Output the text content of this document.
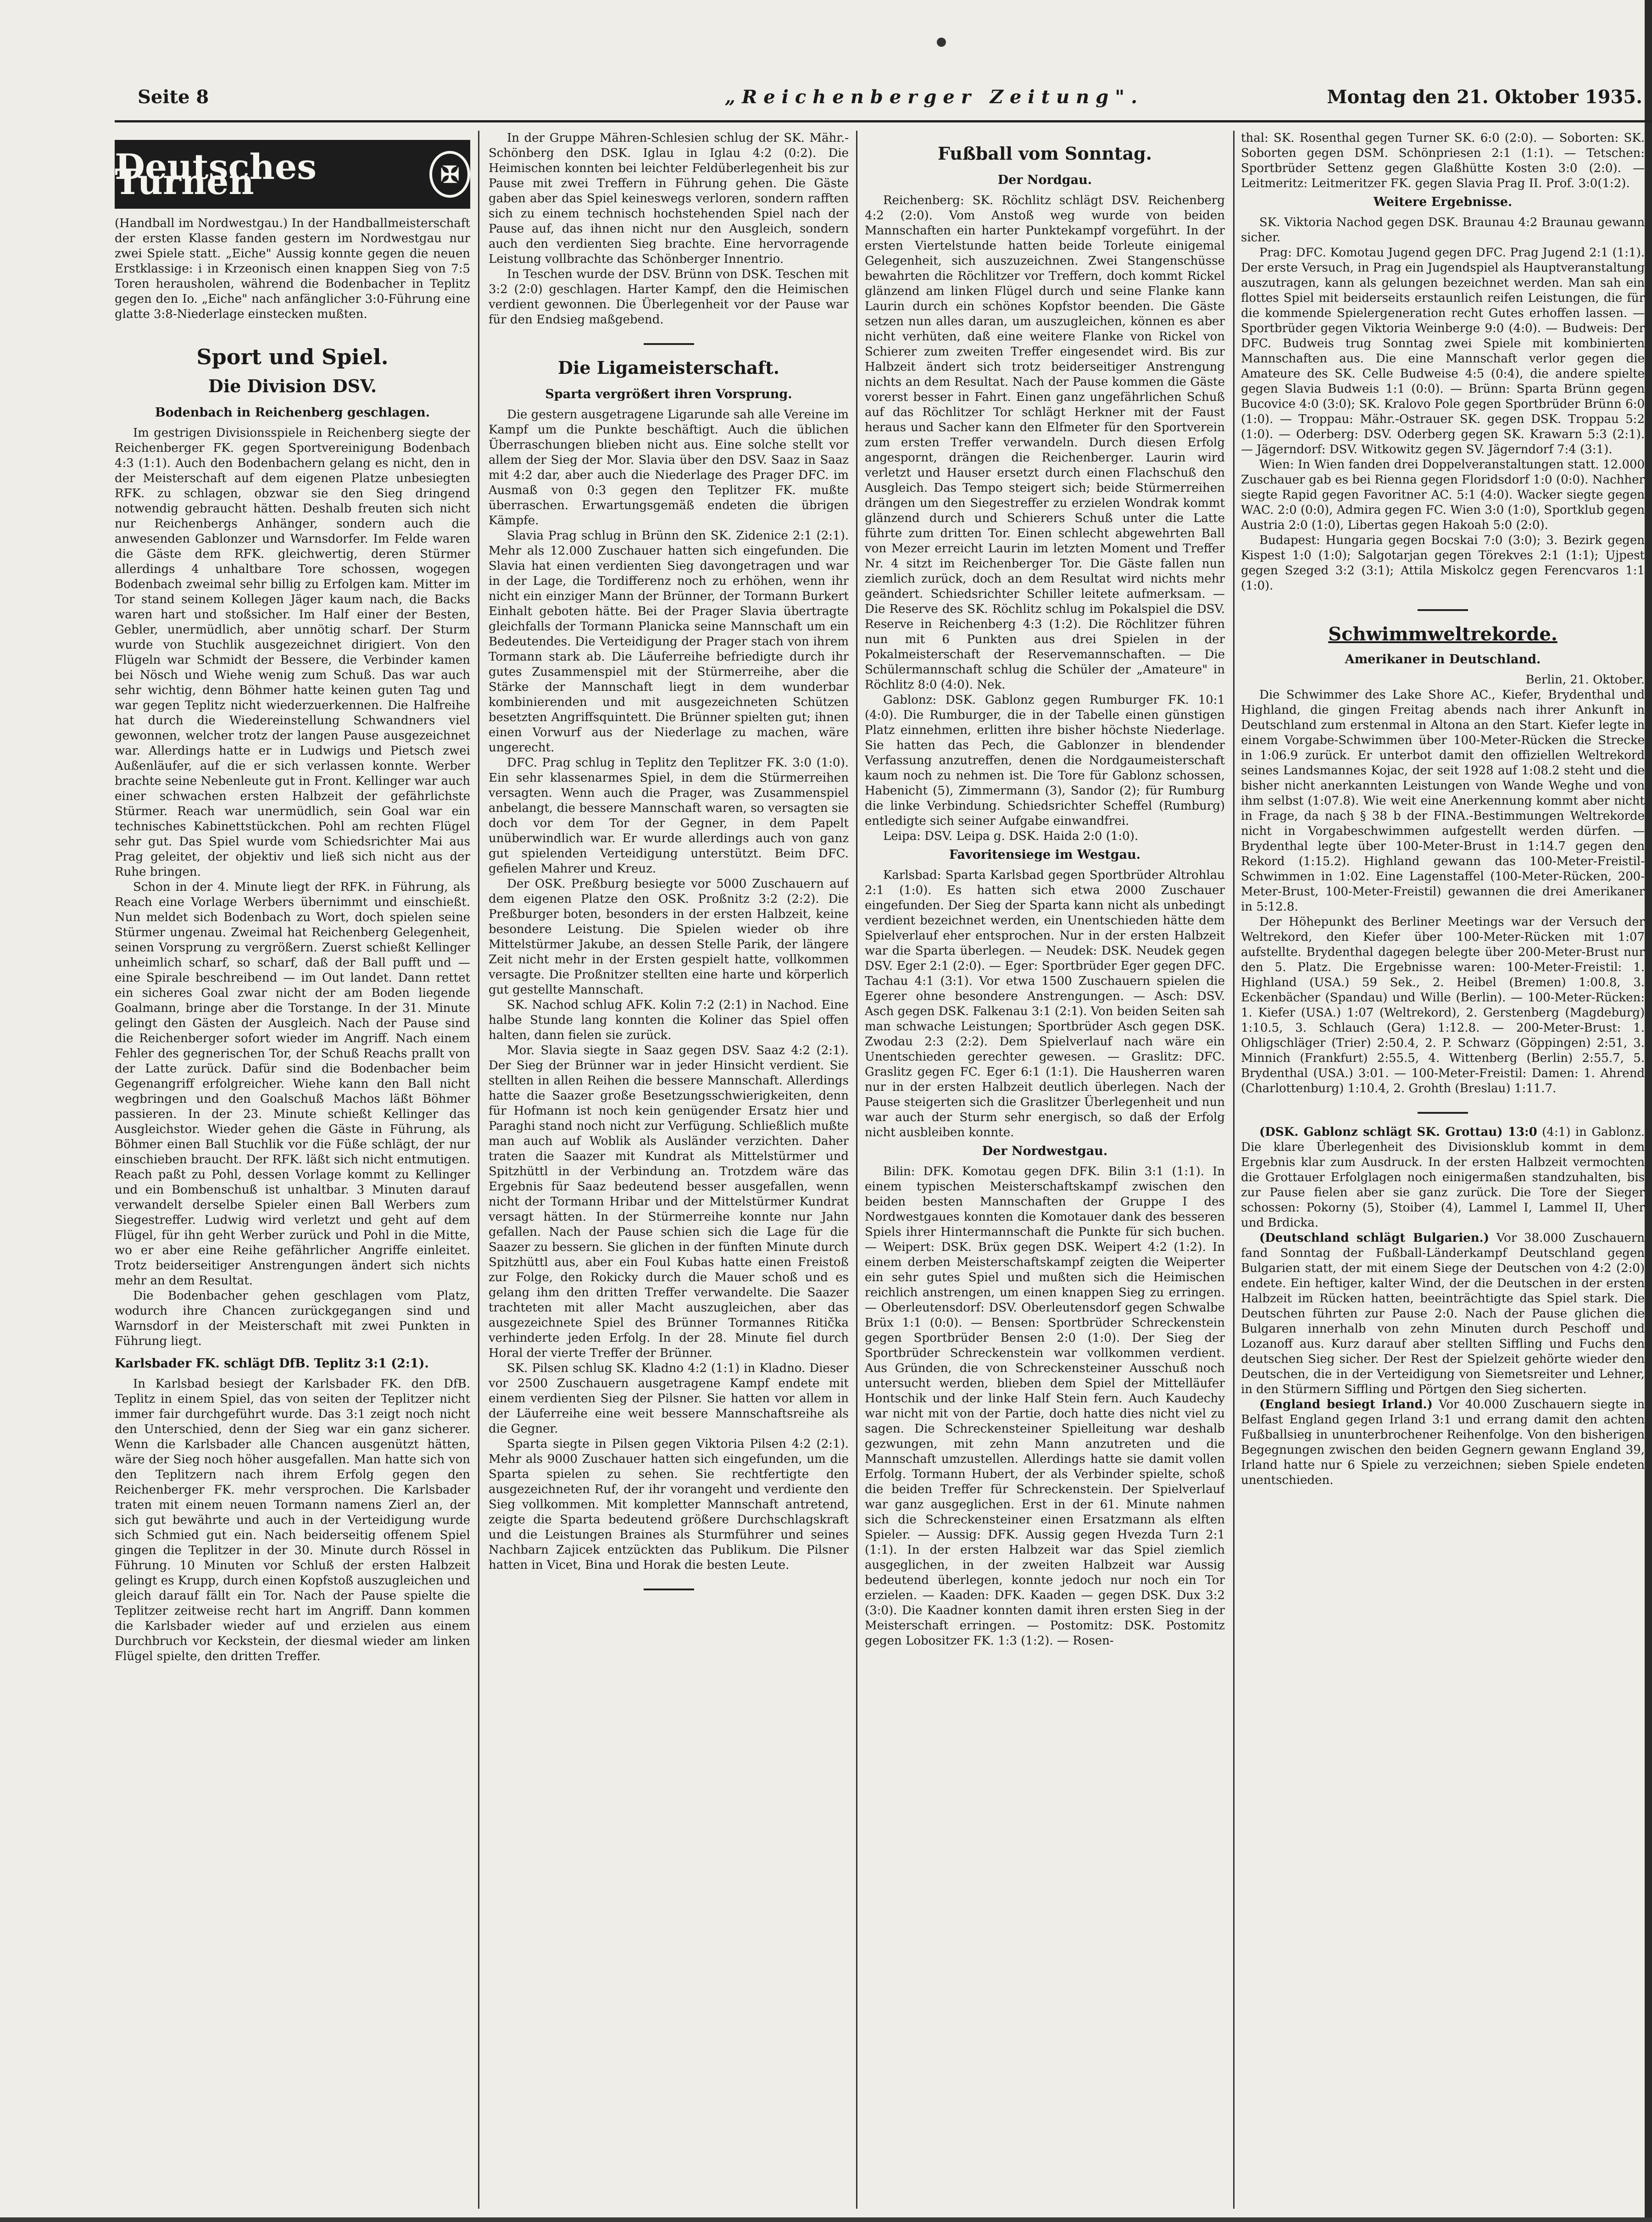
Seite 8	„Reichenberger Zeitung".	Montag den 21. Oktober 1935.
Deutsches Turnen	✠

(Handball im Nordwestgau.) In der Handballmeisterschaft der ersten Klasse fanden gestern im Nordwestgau nur zwei Spiele statt. „Eiche" Aussig konnte gegen die neuen Erstklassige: i in Krzeonisch einen knappen Sieg von 7:5 Toren herausholen, während die Bodenbacher in Teplitz gegen den Io. „Eiche" nach anfänglicher 3:0-Führung eine glatte 3:8-Niederlage einstecken mußten.

Sport und Spiel.
Die Division DSV.
Bodenbach in Reichenberg geschlagen.

Im gestrigen Divisionsspiele in Reichenberg siegte der Reichenberger FK. gegen Sportvereinigung Bodenbach 4:3 (1:1). Auch den Bodenbachern gelang es nicht, den in der Meisterschaft auf dem eigenen Platze unbesiegten RFK. zu schlagen, obzwar sie den Sieg dringend notwendig gebraucht hätten. Deshalb freuten sich nicht nur Reichenbergs Anhänger, sondern auch die anwesenden Gablonzer und Warnsdorfer. Im Felde waren die Gäste dem RFK. gleichwertig, deren Stürmer allerdings 4 unhaltbare Tore schossen, wogegen Bodenbach zweimal sehr billig zu Erfolgen kam. Mitter im Tor stand seinem Kollegen Jäger kaum nach, die Backs waren hart und stoßsicher. Im Half einer der Besten, Gebler, unermüdlich, aber unnötig scharf. Der Sturm wurde von Stuchlik ausgezeichnet dirigiert. Von den Flügeln war Schmidt der Bessere, die Verbinder kamen bei Nösch und Wiehe wenig zum Schuß. Das war auch sehr wichtig, denn Böhmer hatte keinen guten Tag und war gegen Teplitz nicht wiederzuerkennen. Die Halfreihe hat durch die Wiedereinstellung Schwandners viel gewonnen, welcher trotz der langen Pause ausgezeichnet war. Allerdings hatte er in Ludwigs und Pietsch zwei Außenläufer, auf die er sich verlassen konnte. Werber brachte seine Nebenleute gut in Front. Kellinger war auch einer schwachen ersten Halbzeit der gefährlichste Stürmer. Reach war unermüdlich, sein Goal war ein technisches Kabinettstückchen. Pohl am rechten Flügel sehr gut. Das Spiel wurde vom Schiedsrichter Mai aus Prag geleitet, der objektiv und ließ sich nicht aus der Ruhe bringen.

Schon in der 4. Minute liegt der RFK. in Führung, als Reach eine Vorlage Werbers übernimmt und einschießt. Nun meldet sich Bodenbach zu Wort, doch spielen seine Stürmer ungenau. Zweimal hat Reichenberg Gelegenheit, seinen Vorsprung zu vergrößern. Zuerst schießt Kellinger unheimlich scharf, so scharf, daß der Ball pufft und — eine Spirale beschreibend — im Out landet. Dann rettet ein sicheres Goal zwar nicht der am Boden liegende Goalmann, bringe aber die Torstange. In der 31. Minute gelingt den Gästen der Ausgleich. Nach der Pause sind die Reichenberger sofort wieder im Angriff. Nach einem Fehler des gegnerischen Tor, der Schuß Reachs prallt von der Latte zurück. Dafür sind die Bodenbacher beim Gegenangriff erfolgreicher. Wiehe kann den Ball nicht wegbringen und den Goalschuß Machos läßt Böhmer passieren. In der 23. Minute schießt Kellinger das Ausgleichstor. Wieder gehen die Gäste in Führung, als Böhmer einen Ball Stuchlik vor die Füße schlägt, der nur einschieben braucht. Der RFK. läßt sich nicht entmutigen. Reach paßt zu Pohl, dessen Vorlage kommt zu Kellinger und ein Bombenschuß ist unhaltbar. 3 Minuten darauf verwandelt derselbe Spieler einen Ball Werbers zum Siegestreffer. Ludwig wird verletzt und geht auf dem Flügel, für ihn geht Werber zurück und Pohl in die Mitte, wo er aber eine Reihe gefährlicher Angriffe einleitet. Trotz beiderseitiger Anstrengungen ändert sich nichts mehr an dem Resultat.

Die Bodenbacher gehen geschlagen vom Platz, wodurch ihre Chancen zurückgegangen sind und Warnsdorf in der Meisterschaft mit zwei Punkten in Führung liegt.

Karlsbader FK. schlägt DfB. Teplitz 3:1 (2:1).

In Karlsbad besiegt der Karlsbader FK. den DfB. Teplitz in einem Spiel, das von seiten der Teplitzer nicht immer fair durchgeführt wurde. Das 3:1 zeigt noch nicht den Unterschied, denn der Sieg war ein ganz sicherer. Wenn die Karlsbader alle Chancen ausgenützt hätten, wäre der Sieg noch höher ausgefallen. Man hatte sich von den Teplitzern nach ihrem Erfolg gegen den Reichenberger FK. mehr versprochen. Die Karlsbader traten mit einem neuen Tormann namens Zierl an, der sich gut bewährte und auch in der Verteidigung wurde sich Schmied gut ein. Nach beiderseitig offenem Spiel gingen die Teplitzer in der 30. Minute durch Rössel in Führung. 10 Minuten vor Schluß der ersten Halbzeit gelingt es Krupp, durch einen Kopfstoß auszugleichen und gleich darauf fällt ein Tor. Nach der Pause spielte die Teplitzer zeitweise recht hart im Angriff. Dann kommen die Karlsbader wieder auf und erzielen aus einem Durchbruch vor Keckstein, der diesmal wieder am linken Flügel spielte, den dritten Treffer.

In der Gruppe Mähren-Schlesien schlug der SK. Mähr.-Schönberg den DSK. Iglau in Iglau 4:2 (0:2). Die Heimischen konnten bei leichter Feldüberlegenheit bis zur Pause mit zwei Treffern in Führung gehen. Die Gäste gaben aber das Spiel keineswegs verloren, sondern rafften sich zu einem technisch hochstehenden Spiel nach der Pause auf, das ihnen nicht nur den Ausgleich, sondern auch den verdienten Sieg brachte. Eine hervorragende Leistung vollbrachte das Schönberger Innentrio.

In Teschen wurde der DSV. Brünn von DSK. Teschen mit 3:2 (2:0) geschlagen. Harter Kampf, den die Heimischen verdient gewonnen. Die Überlegenheit vor der Pause war für den Endsieg maßgebend.

Die Ligameisterschaft.
Sparta vergrößert ihren Vorsprung.

Die gestern ausgetragene Ligarunde sah alle Vereine im Kampf um die Punkte beschäftigt. Auch die üblichen Überraschungen blieben nicht aus. Eine solche stellt vor allem der Sieg der Mor. Slavia über den DSV. Saaz in Saaz mit 4:2 dar, aber auch die Niederlage des Prager DFC. im Ausmaß von 0:3 gegen den Teplitzer FK. mußte überraschen. Erwartungsgemäß endeten die übrigen Kämpfe.

Slavia Prag schlug in Brünn den SK. Zidenice 2:1 (2:1). Mehr als 12.000 Zuschauer hatten sich eingefunden. Die Slavia hat einen verdienten Sieg davongetragen und war in der Lage, die Tordifferenz noch zu erhöhen, wenn ihr nicht ein einziger Mann der Brünner, der Tormann Burkert Einhalt geboten hätte. Bei der Prager Slavia übertragte gleichfalls der Tormann Planicka seine Mannschaft um ein Bedeutendes. Die Verteidigung der Prager stach von ihrem Tormann stark ab. Die Läuferreihe befriedigte durch ihr gutes Zusammenspiel mit der Stürmerreihe, aber die Stärke der Mannschaft liegt in dem wunderbar kombinierenden und mit ausgezeichneten Schützen besetzten Angriffsquintett. Die Brünner spielten gut; ihnen einen Vorwurf aus der Niederlage zu machen, wäre ungerecht.

DFC. Prag schlug in Teplitz den Teplitzer FK. 3:0 (1:0). Ein sehr klassenarmes Spiel, in dem die Stürmerreihen versagten. Wenn auch die Prager, was Zusammenspiel anbelangt, die bessere Mannschaft waren, so versagten sie doch vor dem Tor der Gegner, in dem Papelt unüberwindlich war. Er wurde allerdings auch von ganz gut spielenden Verteidigung unterstützt. Beim DFC. gefielen Mahrer und Kreuz.

Der OSK. Preßburg besiegte vor 5000 Zuschauern auf dem eigenen Platze den OSK. Proßnitz 3:2 (2:2). Die Preßburger boten, besonders in der ersten Halbzeit, keine besondere Leistung. Die Spielen wieder ob ihre Mittelstürmer Jakube, an dessen Stelle Parik, der längere Zeit nicht mehr in der Ersten gespielt hatte, vollkommen versagte. Die Proßnitzer stellten eine harte und körperlich gut gestellte Mannschaft.

SK. Nachod schlug AFK. Kolin 7:2 (2:1) in Nachod. Eine halbe Stunde lang konnten die Koliner das Spiel offen halten, dann fielen sie zurück.

Mor. Slavia siegte in Saaz gegen DSV. Saaz 4:2 (2:1). Der Sieg der Brünner war in jeder Hinsicht verdient. Sie stellten in allen Reihen die bessere Mannschaft. Allerdings hatte die Saazer große Besetzungsschwierigkeiten, denn für Hofmann ist noch kein genügender Ersatz hier und Paraghi stand noch nicht zur Verfügung. Schließlich mußte man auch auf Woblik als Ausländer verzichten. Daher traten die Saazer mit Kundrat als Mittelstürmer und Spitzhüttl in der Verbindung an. Trotzdem wäre das Ergebnis für Saaz bedeutend besser ausgefallen, wenn nicht der Tormann Hribar und der Mittelstürmer Kundrat versagt hätten. In der Stürmerreihe konnte nur Jahn gefallen. Nach der Pause schien sich die Lage für die Saazer zu bessern. Sie glichen in der fünften Minute durch Spitzhüttl aus, aber ein Foul Kubas hatte einen Freistoß zur Folge, den Rokicky durch die Mauer schoß und es gelang ihm den dritten Treffer verwandelte. Die Saazer trachteten mit aller Macht auszugleichen, aber das ausgezeichnete Spiel des Brünner Tormannes Ritička verhinderte jeden Erfolg. In der 28. Minute fiel durch Horal der vierte Treffer der Brünner.

SK. Pilsen schlug SK. Kladno 4:2 (1:1) in Kladno. Dieser vor 2500 Zuschauern ausgetragene Kampf endete mit einem verdienten Sieg der Pilsner. Sie hatten vor allem in der Läuferreihe eine weit bessere Mannschaftsreihe als die Gegner.

Sparta siegte in Pilsen gegen Viktoria Pilsen 4:2 (2:1). Mehr als 9000 Zuschauer hatten sich eingefunden, um die Sparta spielen zu sehen. Sie rechtfertigte den ausgezeichneten Ruf, der ihr vorangeht und verdiente den Sieg vollkommen. Mit kompletter Mannschaft antretend, zeigte die Sparta bedeutend größere Durchschlagskraft und die Leistungen Braines als Sturmführer und seines Nachbarn Zajicek entzückten das Publikum. Die Pilsner hatten in Vicet, Bina und Horak die besten Leute.

Fußball vom Sonntag.
Der Nordgau.

Reichenberg: SK. Röchlitz schlägt DSV. Reichenberg 4:2 (2:0). Vom Anstoß weg wurde von beiden Mannschaften ein harter Punktekampf vorgeführt. In der ersten Viertelstunde hatten beide Torleute einigemal Gelegenheit, sich auszuzeichnen. Zwei Stangenschüsse bewahrten die Röchlitzer vor Treffern, doch kommt Rickel glänzend am linken Flügel durch und seine Flanke kann Laurin durch ein schönes Kopfstor beenden. Die Gäste setzen nun alles daran, um auszugleichen, können es aber nicht verhüten, daß eine weitere Flanke von Rickel von Schierer zum zweiten Treffer eingesendet wird. Bis zur Halbzeit ändert sich trotz beiderseitiger Anstrengung nichts an dem Resultat. Nach der Pause kommen die Gäste vorerst besser in Fahrt. Einen ganz ungefährlichen Schuß auf das Röchlitzer Tor schlägt Herkner mit der Faust heraus und Sacher kann den Elfmeter für den Sportverein zum ersten Treffer verwandeln. Durch diesen Erfolg angespornt, drängen die Reichenberger. Laurin wird verletzt und Hauser ersetzt durch einen Flachschuß den Ausgleich. Das Tempo steigert sich; beide Stürmerreihen drängen um den Siegestreffer zu erzielen Wondrak kommt glänzend durch und Schierers Schuß unter die Latte führte zum dritten Tor. Einen schlecht abgewehrten Ball von Mezer erreicht Laurin im letzten Moment und Treffer Nr. 4 sitzt im Reichenberger Tor. Die Gäste fallen nun ziemlich zurück, doch an dem Resultat wird nichts mehr geändert. Schiedsrichter Schiller leitete aufmerksam. — Die Reserve des SK. Röchlitz schlug im Pokalspiel die DSV. Reserve in Reichenberg 4:3 (1:2). Die Röchlitzer führen nun mit 6 Punkten aus drei Spielen in der Pokalmeisterschaft der Reservemannschaften. — Die Schülermannschaft schlug die Schüler der „Amateure" in Röchlitz 8:0 (4:0). Nek.

Gablonz: DSK. Gablonz gegen Rumburger FK. 10:1 (4:0). Die Rumburger, die in der Tabelle einen günstigen Platz einnehmen, erlitten ihre bisher höchste Niederlage. Sie hatten das Pech, die Gablonzer in blendender Verfassung anzutreffen, denen die Nordgaumeisterschaft kaum noch zu nehmen ist. Die Tore für Gablonz schossen, Habenicht (5), Zimmermann (3), Sandor (2); für Rumburg die linke Verbindung. Schiedsrichter Scheffel (Rumburg) entledigte sich seiner Aufgabe einwandfrei.

Leipa: DSV. Leipa g. DSK. Haida 2:0 (1:0).

Favoritensiege im Westgau.

Karlsbad: Sparta Karlsbad gegen Sportbrüder Altrohlau 2:1 (1:0). Es hatten sich etwa 2000 Zuschauer eingefunden. Der Sieg der Sparta kann nicht als unbedingt verdient bezeichnet werden, ein Unentschieden hätte dem Spielverlauf eher entsprochen. Nur in der ersten Halbzeit war die Sparta überlegen. — Neudek: DSK. Neudek gegen DSV. Eger 2:1 (2:0). — Eger: Sportbrüder Eger gegen DFC. Tachau 4:1 (3:1). Vor etwa 1500 Zuschauern spielen die Egerer ohne besondere Anstrengungen. — Asch: DSV. Asch gegen DSK. Falkenau 3:1 (2:1). Von beiden Seiten sah man schwache Leistungen; Sportbrüder Asch gegen DSK. Zwodau 2:3 (2:2). Dem Spielverlauf nach wäre ein Unentschieden gerechter gewesen. — Graslitz: DFC. Graslitz gegen FC. Eger 6:1 (1:1). Die Hausherren waren nur in der ersten Halbzeit deutlich überlegen. Nach der Pause steigerten sich die Graslitzer Überlegenheit und nun war auch der Sturm sehr energisch, so daß der Erfolg nicht ausbleiben konnte.

Der Nordwestgau.

Bilin: DFK. Komotau gegen DFK. Bilin 3:1 (1:1). In einem typischen Meisterschaftskampf zwischen den beiden besten Mannschaften der Gruppe I des Nordwestgaues konnten die Komotauer dank des besseren Spiels ihrer Hintermannschaft die Punkte für sich buchen. — Weipert: DSK. Brüx gegen DSK. Weipert 4:2 (1:2). In einem derben Meisterschaftskampf zeigten die Weiperter ein sehr gutes Spiel und mußten sich die Heimischen reichlich anstrengen, um einen knappen Sieg zu erringen. — Oberleutensdorf: DSV. Oberleutensdorf gegen Schwalbe Brüx 1:1 (0:0). — Bensen: Sportbrüder Schreckenstein gegen Sportbrüder Bensen 2:0 (1:0). Der Sieg der Sportbrüder Schreckenstein war vollkommen verdient. Aus Gründen, die von Schreckensteiner Ausschuß noch untersucht werden, blieben dem Spiel der Mittelläufer Hontschik und der linke Half Stein fern. Auch Kaudechy war nicht mit von der Partie, doch hatte dies nicht viel zu sagen. Die Schreckensteiner Spielleitung war deshalb gezwungen, mit zehn Mann anzutreten und die Mannschaft umzustellen. Allerdings hatte sie damit vollen Erfolg. Tormann Hubert, der als Verbinder spielte, schoß die beiden Treffer für Schreckenstein. Der Spielverlauf war ganz ausgeglichen. Erst in der 61. Minute nahmen sich die Schreckensteiner einen Ersatzmann als elften Spieler. — Aussig: DFK. Aussig gegen Hvezda Turn 2:1 (1:1). In der ersten Halbzeit war das Spiel ziemlich ausgeglichen, in der zweiten Halbzeit war Aussig bedeutend überlegen, konnte jedoch nur noch ein Tor erzielen. — Kaaden: DFK. Kaaden — gegen DSK. Dux 3:2 (3:0). Die Kaadner konnten damit ihren ersten Sieg in der Meisterschaft erringen. — Postomitz: DSK. Postomitz gegen Lobositzer FK. 1:3 (1:2). — Rosen-

thal: SK. Rosenthal gegen Turner SK. 6:0 (2:0). — Soborten: SK. Soborten gegen DSM. Schönpriesen 2:1 (1:1). — Tetschen: Sportbrüder Settenz gegen Glaßhütte Kosten 3:0 (2:0). — Leitmeritz: Leitmeritzer FK. gegen Slavia Prag II. Prof. 3:0(1:2).

Weitere Ergebnisse.

SK. Viktoria Nachod gegen DSK. Braunau 4:2 Braunau gewann sicher.

Prag: DFC. Komotau Jugend gegen DFC. Prag Jugend 2:1 (1:1). Der erste Versuch, in Prag ein Jugendspiel als Hauptveranstaltung auszutragen, kann als gelungen bezeichnet werden. Man sah ein flottes Spiel mit beiderseits erstaunlich reifen Leistungen, die für die kommende Spielergeneration recht Gutes erhoffen lassen. — Sportbrüder gegen Viktoria Weinberge 9:0 (4:0). — Budweis: Der DFC. Budweis trug Sonntag zwei Spiele mit kombinierten Mannschaften aus. Die eine Mannschaft verlor gegen die Amateure des SK. Celle Budweise 4:5 (0:4), die andere spielte gegen Slavia Budweis 1:1 (0:0). — Brünn: Sparta Brünn gegen Bucovice 4:0 (3:0); SK. Kralovo Pole gegen Sportbrüder Brünn 6:0 (1:0). — Troppau: Mähr.-Ostrauer SK. gegen DSK. Troppau 5:2 (1:0). — Oderberg: DSV. Oderberg gegen SK. Krawarn 5:3 (2:1). — Jägerndorf: DSV. Witkowitz gegen SV. Jägerndorf 7:4 (3:1).

Wien: In Wien fanden drei Doppelveranstaltungen statt. 12.000 Zuschauer gab es bei Rienna gegen Floridsdorf 1:0 (0:0). Nachher siegte Rapid gegen Favoritner AC. 5:1 (4:0). Wacker siegte gegen WAC. 2:0 (0:0), Admira gegen FC. Wien 3:0 (1:0), Sportklub gegen Austria 2:0 (1:0), Libertas gegen Hakoah 5:0 (2:0).

Budapest: Hungaria gegen Bocskai 7:0 (3:0); 3. Bezirk gegen Kispest 1:0 (1:0); Salgotarjan gegen Törekves 2:1 (1:1); Ujpest gegen Szeged 3:2 (3:1); Attila Miskolcz gegen Ferencvaros 1:1 (1:0).

Schwimmweltrekorde.
Amerikaner in Deutschland.

Berlin, 21. Oktober.

Die Schwimmer des Lake Shore AC., Kiefer, Brydenthal und Highland, die gingen Freitag abends nach ihrer Ankunft in Deutschland zum erstenmal in Altona an den Start. Kiefer legte in einem Vorgabe-Schwimmen über 100-Meter-Rücken die Strecke in 1:06.9 zurück. Er unterbot damit den offiziellen Weltrekord seines Landsmannes Kojac, der seit 1928 auf 1:08.2 steht und die bisher nicht anerkannten Leistungen von Wande Weghe und von ihm selbst (1:07.8). Wie weit eine Anerkennung kommt aber nicht in Frage, da nach § 38 b der FINA.-Bestimmungen Weltrekorde nicht in Vorgabeschwimmen aufgestellt werden dürfen. — Brydenthal legte über 100-Meter-Brust in 1:14.7 gegen den Rekord (1:15.2). Highland gewann das 100-Meter-Freistil-Schwimmen in 1:02. Eine Lagenstaffel (100-Meter-Rücken, 200-Meter-Brust, 100-Meter-Freistil) gewannen die drei Amerikaner in 5:12.8.

Der Höhepunkt des Berliner Meetings war der Versuch der Weltrekord, den Kiefer über 100-Meter-Rücken mit 1:07 aufstellte. Brydenthal dagegen belegte über 200-Meter-Brust nur den 5. Platz. Die Ergebnisse waren: 100-Meter-Freistil: 1. Highland (USA.) 59 Sek., 2. Heibel (Bremen) 1:00.8, 3. Eckenbächer (Spandau) und Wille (Berlin). — 100-Meter-Rücken: 1. Kiefer (USA.) 1:07 (Weltrekord), 2. Gerstenberg (Magdeburg) 1:10.5, 3. Schlauch (Gera) 1:12.8. — 200-Meter-Brust: 1. Ohligschläger (Trier) 2:50.4, 2. P. Schwarz (Göppingen) 2:51, 3. Minnich (Frankfurt) 2:55.5, 4. Wittenberg (Berlin) 2:55.7, 5. Brydenthal (USA.) 3:01. — 100-Meter-Freistil: Damen: 1. Ahrend (Charlottenburg) 1:10.4, 2. Grohth (Breslau) 1:11.7.

(DSK. Gablonz schlägt SK. Grottau) 13:0 (4:1) in Gablonz. Die klare Überlegenheit des Divisionsklub kommt in dem Ergebnis klar zum Ausdruck. In der ersten Halbzeit vermochten die Grottauer Erfolglagen noch einigermaßen standzuhalten, bis zur Pause fielen aber sie ganz zurück. Die Tore der Sieger schossen: Pokorny (5), Stoiber (4), Lammel I, Lammel II, Uher und Brdicka.

(Deutschland schlägt Bulgarien.) Vor 38.000 Zuschauern fand Sonntag der Fußball-Länderkampf Deutschland gegen Bulgarien statt, der mit einem Siege der Deutschen von 4:2 (2:0) endete. Ein heftiger, kalter Wind, der die Deutschen in der ersten Halbzeit im Rücken hatten, beeinträchtigte das Spiel stark. Die Deutschen führten zur Pause 2:0. Nach der Pause glichen die Bulgaren innerhalb von zehn Minuten durch Peschoff und Lozanoff aus. Kurz darauf aber stellten Siffling und Fuchs den deutschen Sieg sicher. Der Rest der Spielzeit gehörte wieder den Deutschen, die in der Verteidigung von Siemetsreiter und Lehner, in den Stürmern Siffling und Pörtgen den Sieg sicherten.

(England besiegt Irland.) Vor 40.000 Zuschauern siegte in Belfast England gegen Irland 3:1 und errang damit den achten Fußballsieg in ununterbrochener Reihenfolge. Von den bisherigen Begegnungen zwischen den beiden Gegnern gewann England 39, Irland hatte nur 6 Spiele zu verzeichnen; sieben Spiele endeten unentschieden.
